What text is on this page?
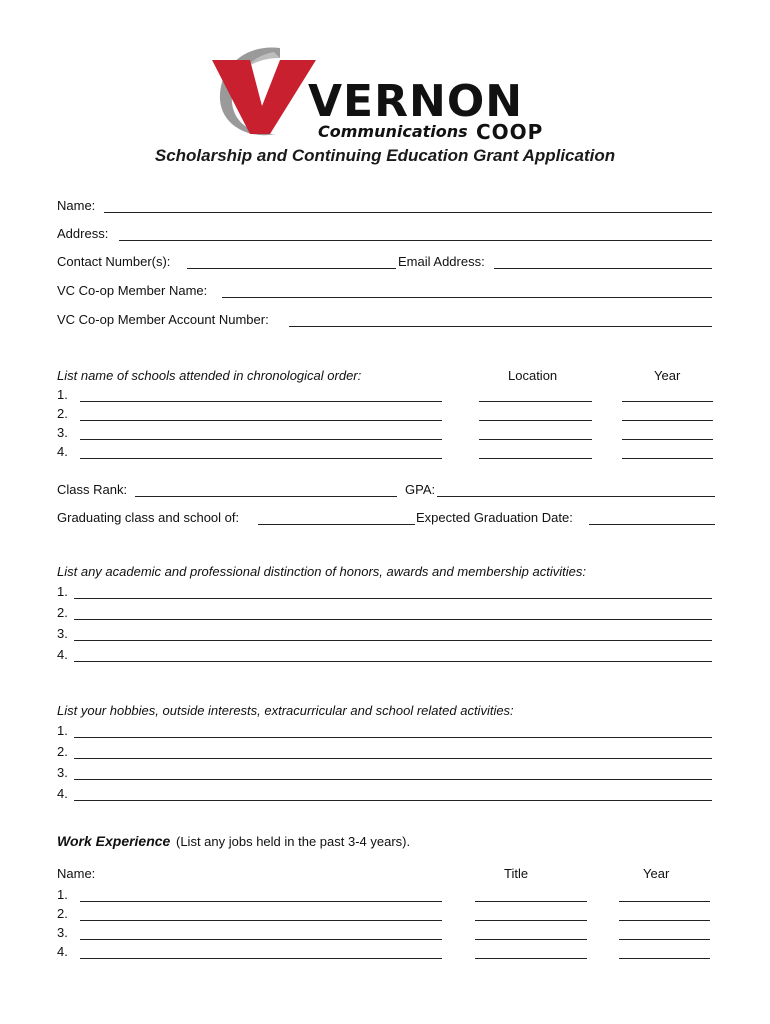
VERNON
Communications COOP
Scholarship and Continuing Education Grant Application
Name:
Address:
Contact Number(s):	Email Address:
VC Co-op Member Name:
VC Co-op Member Account Number:
List name of schools attended in chronological order:	Location	Year
1.
2.
3.
4.
Class Rank:	GPA:
Graduating class and school of:	Expected Graduation Date:
List any academic and professional distinction of honors, awards and membership activities:
1.
2.
3.
4.
List your hobbies, outside interests, extracurricular and school related activities:
1.
2.
3.
4.
Work Experience (List any jobs held in the past 3-4 years).
Name:	Title	Year
1.
2.
3.
4.
